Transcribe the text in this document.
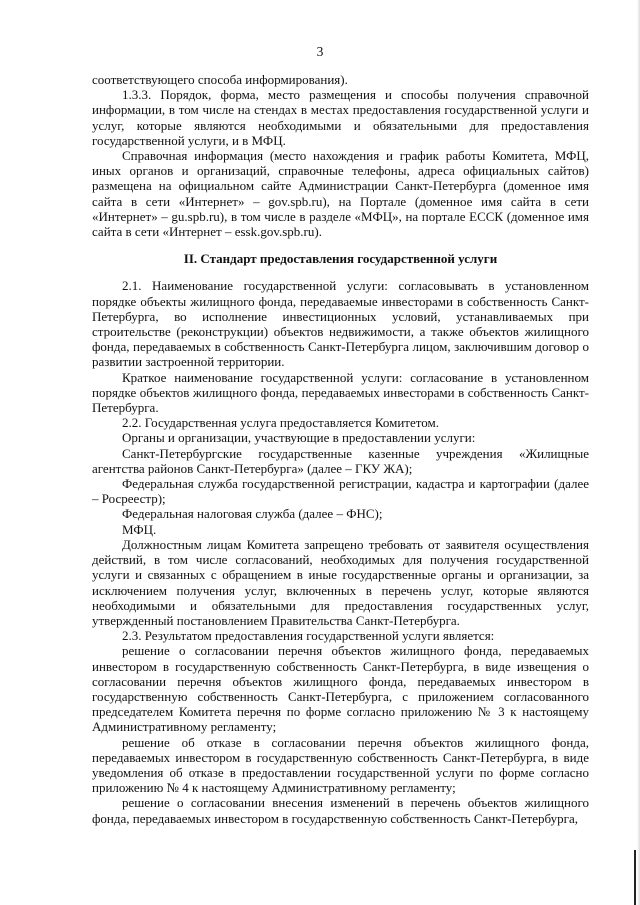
3

соответствующего способа информирования).

1.3.3. Порядок, форма, место размещения и способы получения справочной информации, в том числе на стендах в местах предоставления государственной услуги и услуг, которые являются необходимыми и обязательными для предоставления государственной услуги, и в МФЦ.

Справочная информация (место нахождения и график работы Комитета, МФЦ, иных органов и организаций, справочные телефоны, адреса официальных сайтов) размещена на официальном сайте Администрации Санкт-Петербурга (доменное имя сайта в сети «Интернет» – gov.spb.ru), на Портале (доменное имя сайта в сети «Интернет» – gu.spb.ru), в том числе в разделе «МФЦ», на портале ЕССК (доменное имя сайта в сети «Интернет – essk.gov.spb.ru).

II. Стандарт предоставления государственной услуги

2.1. Наименование государственной услуги: согласовывать в установленном порядке объекты жилищного фонда, передаваемые инвесторами в собственность Санкт-Петербурга, во исполнение инвестиционных условий, устанавливаемых при строительстве (реконструкции) объектов недвижимости, а также объектов жилищного фонда, передаваемых в собственность Санкт-Петербурга лицом, заключившим договор о развитии застроенной территории.

Краткое наименование государственной услуги: согласование в установленном порядке объектов жилищного фонда, передаваемых инвесторами в собственность Санкт-Петербурга.

2.2. Государственная услуга предоставляется Комитетом.

Органы и организации, участвующие в предоставлении услуги:

Санкт-Петербургские государственные казенные учреждения «Жилищные агентства районов Санкт-Петербурга» (далее – ГКУ ЖА);

Федеральная служба государственной регистрации, кадастра и картографии (далее – Росреестр);

Федеральная налоговая служба (далее – ФНС);

МФЦ.

Должностным лицам Комитета запрещено требовать от заявителя осуществления действий, в том числе согласований, необходимых для получения государственной услуги и связанных с обращением в иные государственные органы и организации, за исключением получения услуг, включенных в перечень услуг, которые являются необходимыми и обязательными для предоставления государственных услуг, утвержденный постановлением Правительства Санкт-Петербурга.

2.3. Результатом предоставления государственной услуги является:

решение о согласовании перечня объектов жилищного фонда, передаваемых инвестором в государственную собственность Санкт-Петербурга, в виде извещения о согласовании перечня объектов жилищного фонда, передаваемых инвестором в государственную собственность Санкт-Петербурга, с приложением согласованного председателем Комитета перечня по форме согласно приложению № 3 к настоящему Административному регламенту;

решение об отказе в согласовании перечня объектов жилищного фонда, передаваемых инвестором в государственную собственность Санкт-Петербурга, в виде уведомления об отказе в предоставлении государственной услуги по форме согласно приложению № 4 к настоящему Административному регламенту;

решение о согласовании внесения изменений в перечень объектов жилищного фонда, передаваемых инвестором в государственную собственность Санкт-Петербурга,
